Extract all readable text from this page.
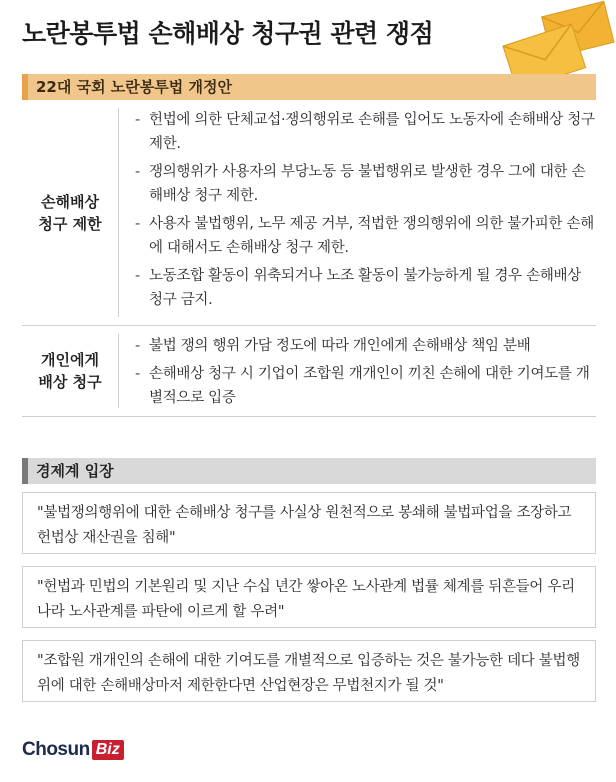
노란봉투법 손해배상 청구권 관련 쟁점
22대 국회 노란봉투법 개정안
손해배상
청구 제한
- 헌법에 의한 단체교섭·쟁의행위로 손해를 입어도 노동자에 손해배상 청구 제한.
- 쟁의행위가 사용자의 부당노동 등 불법행위로 발생한 경우 그에 대한 손해배상 청구 제한.
- 사용자 불법행위, 노무 제공 거부, 적법한 쟁의행위에 의한 불가피한 손해에 대해서도 손해배상 청구 제한.
- 노동조합 활동이 위축되거나 노조 활동이 불가능하게 될 경우 손해배상 청구 금지.
개인에게
배상 청구
- 불법 쟁의 행위 가담 정도에 따라 개인에게 손해배상 책임 분배
- 손해배상 청구 시 기업이 조합원 개개인이 끼친 손해에 대한 기여도를 개별적으로 입증
경제계 입장
"불법쟁의행위에 대한 손해배상 청구를 사실상 원천적으로 봉쇄해 불법파업을 조장하고 헌법상 재산권을 침해"
"헌법과 민법의 기본원리 및 지난 수십 년간 쌓아온 노사관계 법률 체계를 뒤흔들어 우리나라 노사관계를 파탄에 이르게 할 우려"
"조합원 개개인의 손해에 대한 기여도를 개별적으로 입증하는 것은 불가능한 데다 불법행위에 대한 손해배상마저 제한한다면 산업현장은 무법천지가 될 것"
Chosun Biz
